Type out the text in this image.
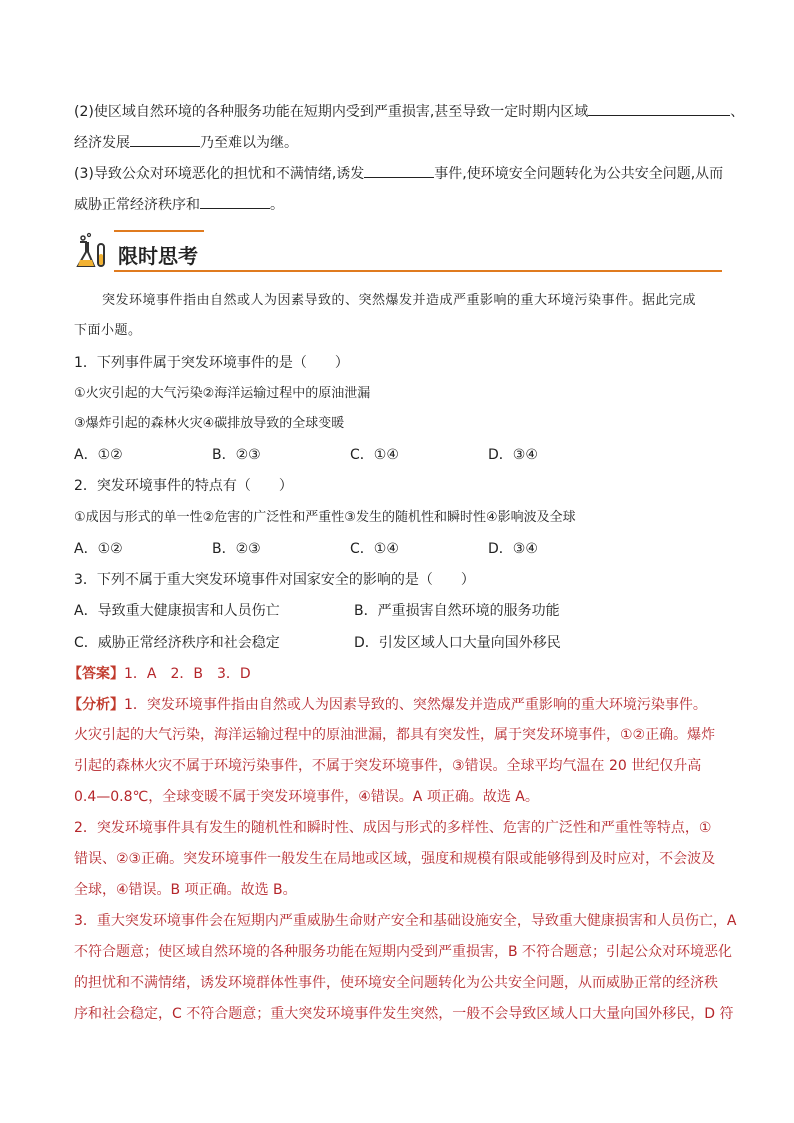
(2)使区域自然环境的各种服务功能在短期内受到严重损害,甚至导致一定时期内区域	、
经济发展	乃至难以为继。
(3)导致公众对环境恶化的担忧和不满情绪,诱发	事件,使环境安全问题转化为公共安全问题,从而
威胁正常经济秩序和	。
限时思考
突发环境事件指由自然或人为因素导致的、突然爆发并造成严重影响的重大环境污染事件。据此完成
下面小题。
1．下列事件属于突发环境事件的是（　　）
①火灾引起的大气污染②海洋运输过程中的原油泄漏
③爆炸引起的森林火灾④碳排放导致的全球变暖
A．①②	B．②③	C．①④	D．③④
2．突发环境事件的特点有（　　）
①成因与形式的单一性②危害的广泛性和严重性③发生的随机性和瞬时性④影响波及全球
A．①②	B．②③	C．①④	D．③④
3．下列不属于重大突发环境事件对国家安全的影响的是（　　）
A．导致重大健康损害和人员伤亡	B．严重损害自然环境的服务功能
C．威胁正常经济秩序和社会稳定	D．引发区域人口大量向国外移民
【答案】1．A　2．B　3．D
【分析】1．突发环境事件指由自然或人为因素导致的、突然爆发并造成严重影响的重大环境污染事件。
火灾引起的大气污染，海洋运输过程中的原油泄漏，都具有突发性，属于突发环境事件，①②正确。爆炸
引起的森林火灾不属于环境污染事件，不属于突发环境事件，③错误。全球平均气温在 20 世纪仅升高
0.4—0.8℃，全球变暖不属于突发环境事件，④错误。A 项正确。故选 A。
2．突发环境事件具有发生的随机性和瞬时性、成因与形式的多样性、危害的广泛性和严重性等特点，①
错误、②③正确。突发环境事件一般发生在局地或区域，强度和规模有限或能够得到及时应对，不会波及
全球，④错误。B 项正确。故选 B。
3．重大突发环境事件会在短期内严重威胁生命财产安全和基础设施安全，导致重大健康损害和人员伤亡，A
不符合题意；使区域自然环境的各种服务功能在短期内受到严重损害，B 不符合题意；引起公众对环境恶化
的担忧和不满情绪，诱发环境群体性事件，使环境安全问题转化为公共安全问题，从而威胁正常的经济秩
序和社会稳定，C 不符合题意；重大突发环境事件发生突然，一般不会导致区域人口大量向国外移民，D 符
